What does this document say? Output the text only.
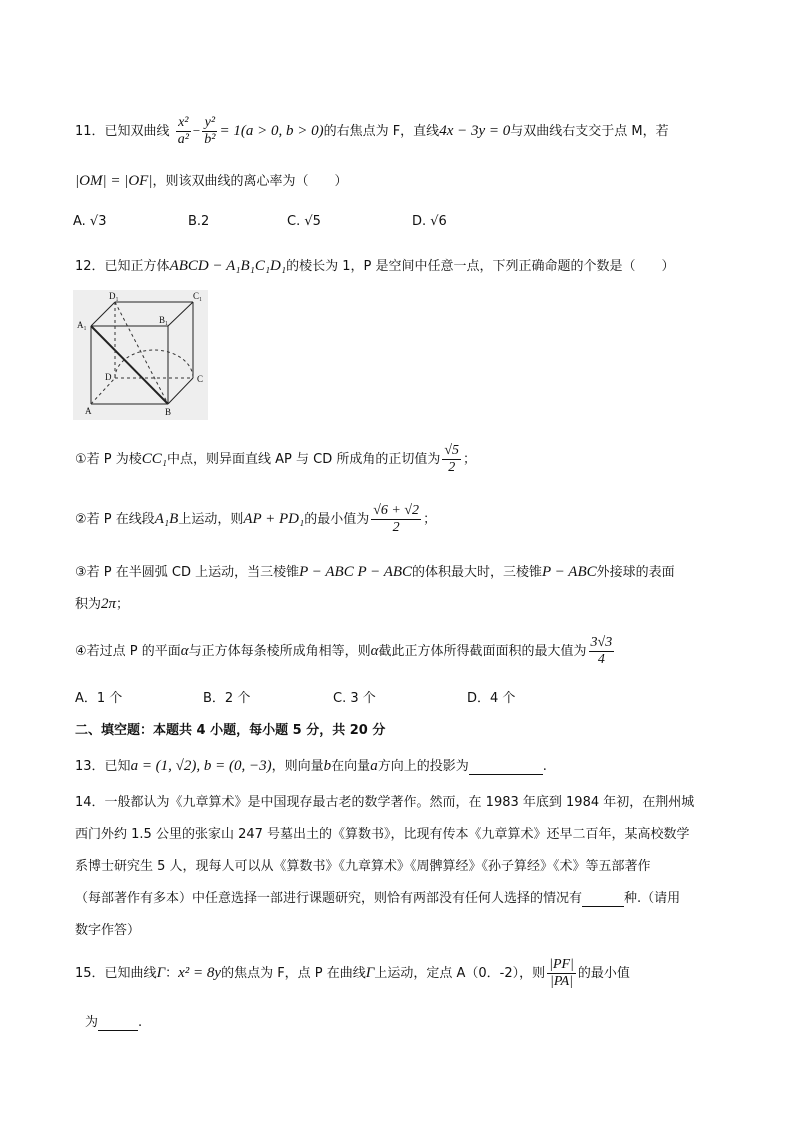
11．已知双曲线 $\frac{\text{x²}}{\text{a²}} - \frac{\text{y²}}{\text{b²}} = 1(a > 0$, b > 0)的右焦点为 F，直线4x − 3y = 0与双曲线右支交于点 M，若
|OM| = |OF|，则该双曲线的离心率为（　　）
A. √3	B.2	C. √5	D. √6
12．已知正方体ABCD − A₁B₁C₁D₁的棱长为 1，P 是空间中任意一点，下列正确命题的个数是（　　）
D₁	C₁
A₁	B₁
D	C
A	B
①若 P 为棱CC₁中点，则异面直线 AP 与 CD 所成角的正切值为 $\frac{√5}{2}$ ；
②若 P 在线段A₁B上运动，则AP + PD₁的最小值为 $\frac{√6 + √2}{2}$ ；
③若 P 在半圆弧 CD 上运动，当三棱锥P − ABC P − ABC的体积最大时，三棱锥P − ABC外接球的表面
积为2π；
④若过点 P 的平面α与正方体每条棱所成角相等，则α截此正方体所得截面面积的最大值为 $\frac{3√3}{4}$
A．1 个	B．2 个	C. 3 个	D．4 个
二、填空题：本题共 4 小题，每小题 5 分，共 20 分
13．已知a = (1, √2), b = (0, −3)，则向量b在向量a方向上的投影为	.
14．一般都认为《九章算术》是中国现存最古老的数学著作。然而，在 1983 年底到 1984 年初，在荆州城
西门外约 1.5 公里的张家山 247 号墓出土的《算数书》，比现有传本《九章算术》还早二百年，某高校数学
系博士研究生 5 人，现每人可以从《算数书》《九章算术》《周髀算经》《孙子算经》《术》等五部著作
（每部著作有多本）中任意选择一部进行课题研究，则恰有两部没有任何人选择的情况有	种.（请用
数字作答）
15．已知曲线Γ：x² = 8y的焦点为 F，点 P 在曲线Γ上运动，定点 A（0．-2），则 $\frac{|PF|}{|PA|}$ 的最小值
为	.
